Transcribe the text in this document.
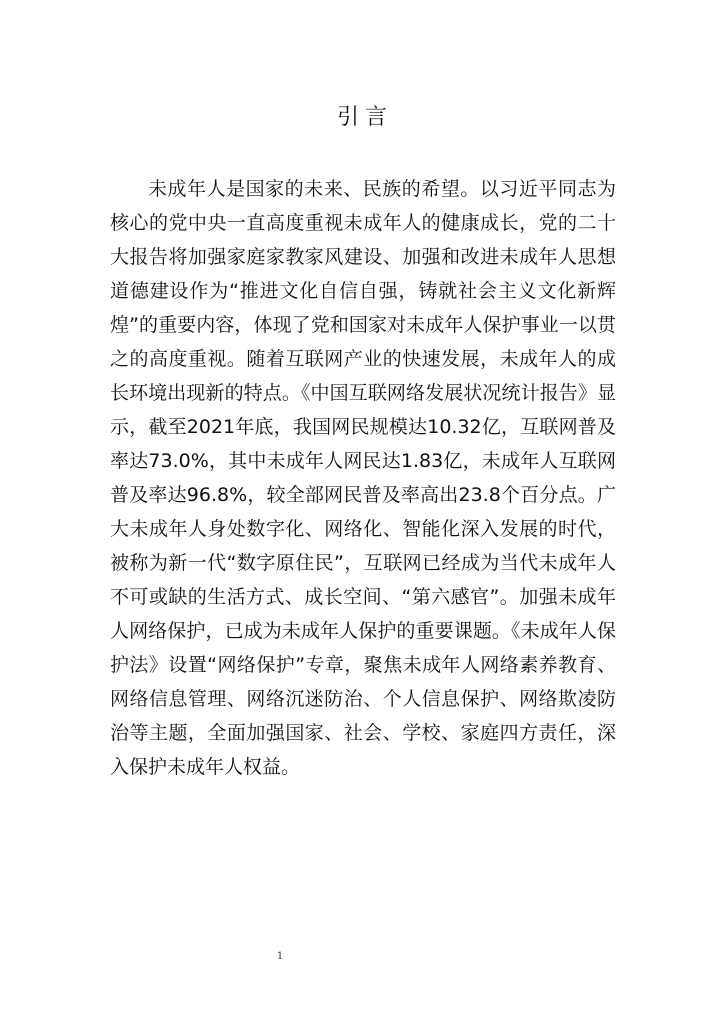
引言

未成年人是国家的未来、民族的希望。以习近平同志为核心的党中央一直高度重视未成年人的健康成长，党的二十大报告将加强家庭家教家风建设、加强和改进未成年人思想道德建设作为“推进文化自信自强，铸就社会主义文化新辉煌”的重要内容，体现了党和国家对未成年人保护事业一以贯之的高度重视。随着互联网产业的快速发展，未成年人的成长环境出现新的特点。《中国互联网络发展状况统计报告》显示，截至2021年底，我国网民规模达10.32亿，互联网普及率达73.0%，其中未成年人网民达1.83亿，未成年人互联网普及率达96.8%，较全部网民普及率高出23.8个百分点。广大未成年人身处数字化、网络化、智能化深入发展的时代，被称为新一代“数字原住民”，互联网已经成为当代未成年人不可或缺的生活方式、成长空间、“第六感官”。加强未成年人网络保护，已成为未成年人保护的重要课题。《未成年人保护法》设置“网络保护”专章，聚焦未成年人网络素养教育、网络信息管理、网络沉迷防治、个人信息保护、网络欺凌防治等主题，全面加强国家、社会、学校、家庭四方责任，深入保护未成年人权益。

1
